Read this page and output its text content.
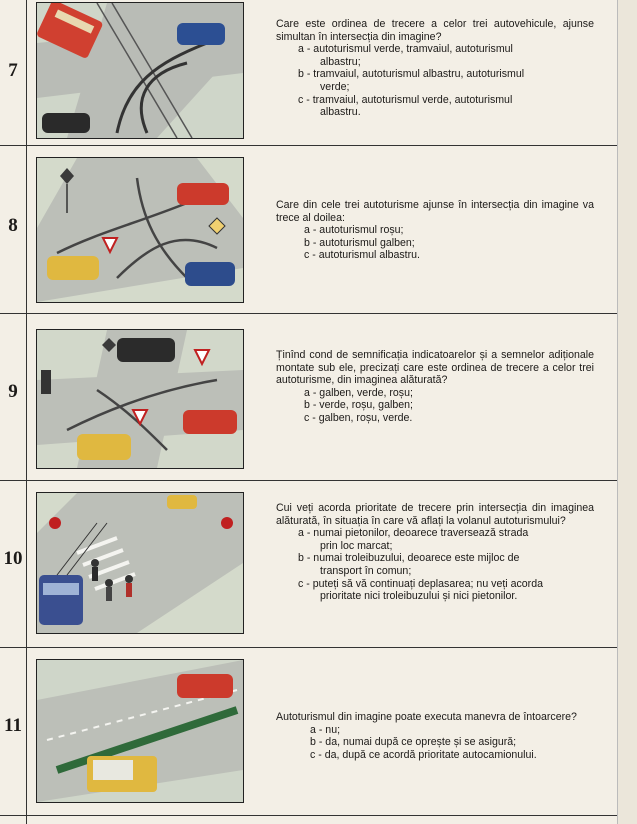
7
Care este ordinea de trecere a celor trei autovehicule, ajunse simultan în intersecția din imagine?
a - autoturismul verde, tramvaiul, autoturismul
albastru;
b - tramvaiul, autoturismul albastru, autoturismul
verde;
c - tramvaiul, autoturismul verde, autoturismul
albastru.
8
Care din cele trei autoturisme ajunse în intersecția din imagine va trece al doilea:
a - autoturismul roșu;
b - autoturismul galben;
c - autoturismul albastru.
9
Ținînd cond de semnificația indicatoarelor și a semnelor adiționale montate sub ele, precizați care este ordinea de trecere a celor trei autoturisme, din imaginea alăturată?
a - galben, verde, roșu;
b - verde, roșu, galben;
c - galben, roșu, verde.
10
Cui veți acorda prioritate de trecere prin intersecția din imaginea alăturată, în situația în care vă aflați la volanul autoturismului?
a - numai pietonilor, deoarece traversează strada
prin loc marcat;
b - numai troleibuzului, deoarece este mijloc de
transport în comun;
c - puteți să vă continuați deplasarea; nu veți acorda
prioritate nici troleibuzului și nici pietonilor.
11	Autoturismul din imagine poate executa manevra de întoarcere?
a - nu;
b - da, numai după ce oprește și se asigură;
c - da, după ce acordă prioritate autocamionului.
